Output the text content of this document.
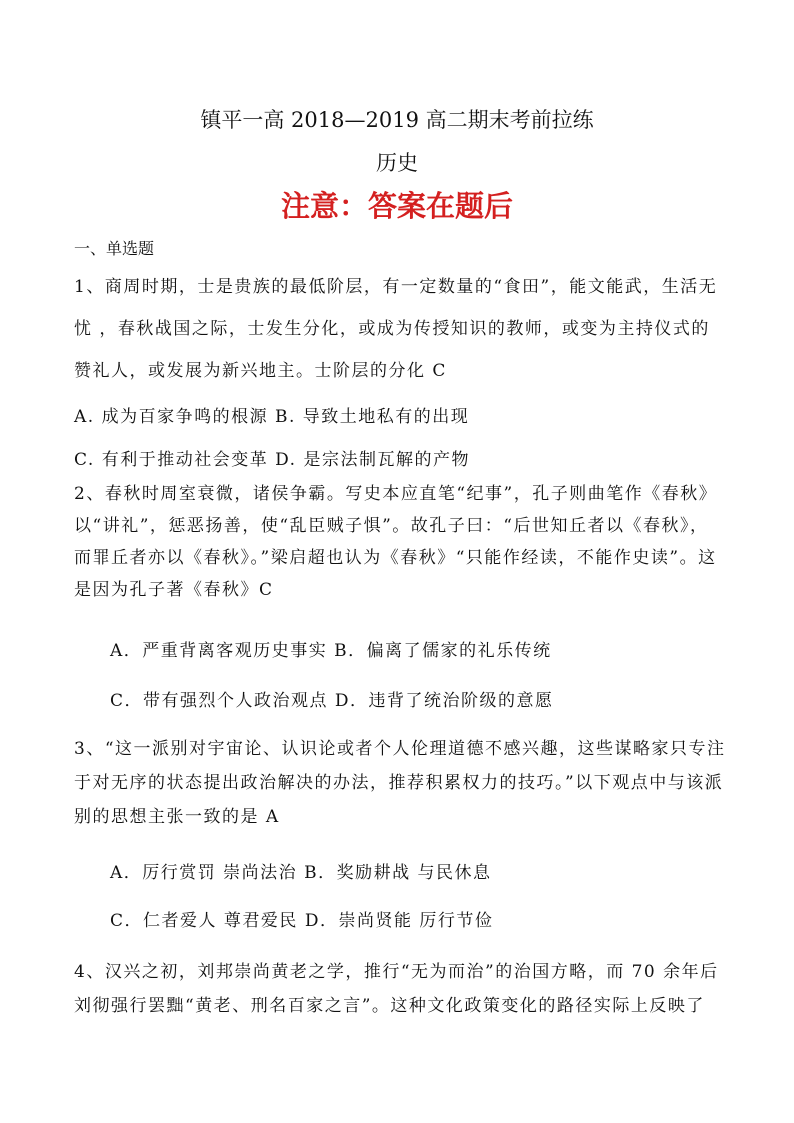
镇平一高 2018—2019 高二期末考前拉练
历史
注意：答案在题后
一、单选题

1、商周时期，士是贵族的最低阶层，有一定数量的“食田”，能文能武，生活无忧 ，春秋战国之际，士发生分化，或成为传授知识的教师，或变为主持仪式的赞礼人，或发展为新兴地主。士阶层的分化 C

A. 成为百家争鸣的根源 B. 导致土地私有的出现
C. 有利于推动社会变革 D. 是宗法制瓦解的产物

2、春秋时周室衰微，诸侯争霸。写史本应直笔“纪事”，孔子则曲笔作《春秋》以“讲礼”，惩恶扬善，使“乱臣贼子惧”。故孔子曰：“后世知丘者以《春秋》，而罪丘者亦以《春秋》。”梁启超也认为《春秋》“只能作经读，不能作史读”。这是因为孔子著《春秋》C

A．严重背离客观历史事实 B．偏离了儒家的礼乐传统
C．带有强烈个人政治观点 D．违背了统治阶级的意愿

3、“这一派别对宇宙论、认识论或者个人伦理道德不感兴趣，这些谋略家只专注于对无序的状态提出政治解决的办法，推荐积累权力的技巧。”以下观点中与该派别的思想主张一致的是 A

A．厉行赏罚 崇尚法治 B．奖励耕战 与民休息
C．仁者爱人 尊君爱民 D．崇尚贤能 厉行节俭

4、汉兴之初，刘邦崇尚黄老之学，推行“无为而治”的治国方略，而 70 余年后刘彻强行罢黜“黄老、刑名百家之言”。这种文化政策变化的路径实际上反映了
